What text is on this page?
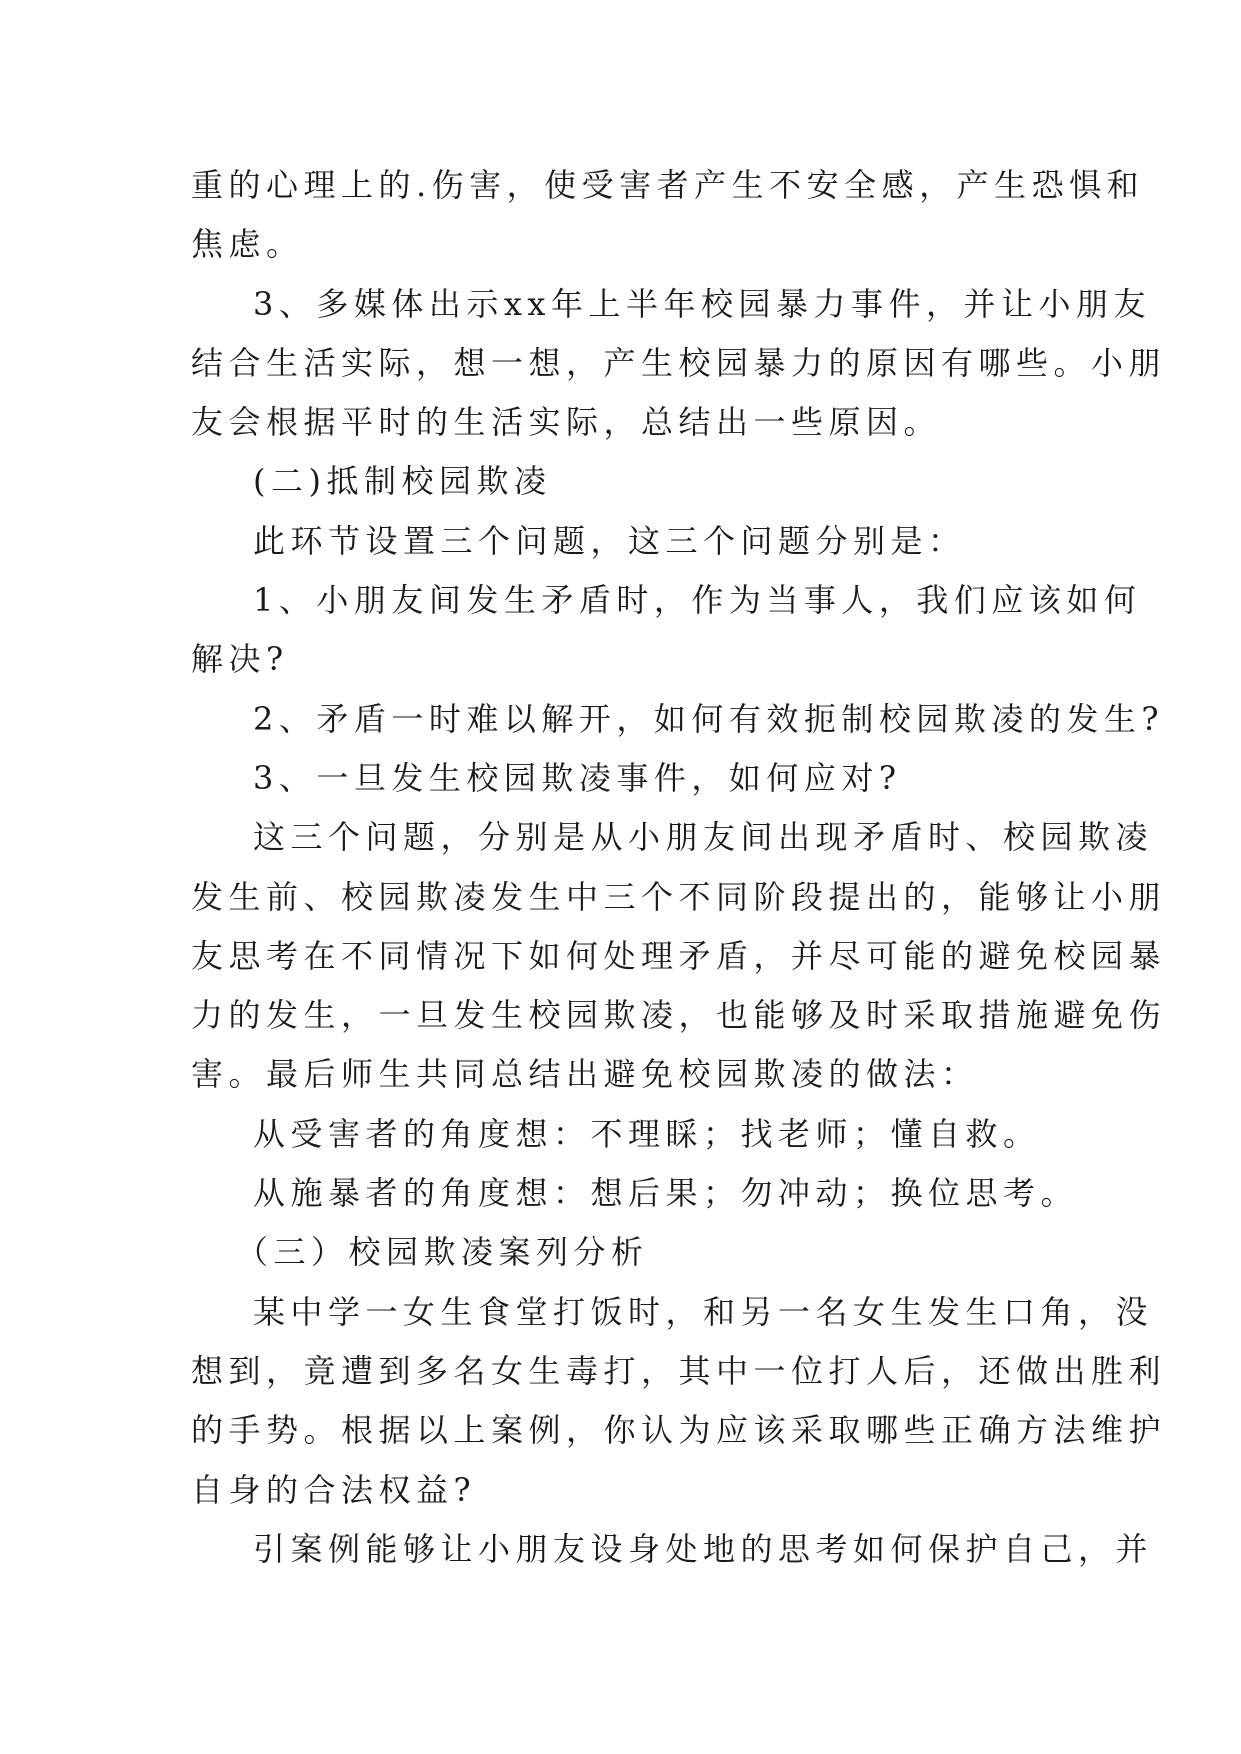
重的心理上的.伤害，使受害者产生不安全感，产生恐惧和
焦虑。
3、多媒体出示xx年上半年校园暴力事件，并让小朋友
结合生活实际，想一想，产生校园暴力的原因有哪些。小朋
友会根据平时的生活实际，总结出一些原因。
(二)抵制校园欺凌
此环节设置三个问题，这三个问题分别是：
1、小朋友间发生矛盾时，作为当事人，我们应该如何
解决?
2、矛盾一时难以解开，如何有效扼制校园欺凌的发生?
3、一旦发生校园欺凌事件，如何应对?
这三个问题，分别是从小朋友间出现矛盾时、校园欺凌
发生前、校园欺凌发生中三个不同阶段提出的，能够让小朋
友思考在不同情况下如何处理矛盾，并尽可能的避免校园暴
力的发生，一旦发生校园欺凌，也能够及时采取措施避免伤
害。最后师生共同总结出避免校园欺凌的做法：
从受害者的角度想：不理睬；找老师；懂自救。
从施暴者的角度想：想后果；勿冲动；换位思考。
（三）校园欺凌案列分析
某中学一女生食堂打饭时，和另一名女生发生口角，没
想到，竟遭到多名女生毒打，其中一位打人后，还做出胜利
的手势。根据以上案例，你认为应该采取哪些正确方法维护
自身的合法权益?
引案例能够让小朋友设身处地的思考如何保护自己，并
